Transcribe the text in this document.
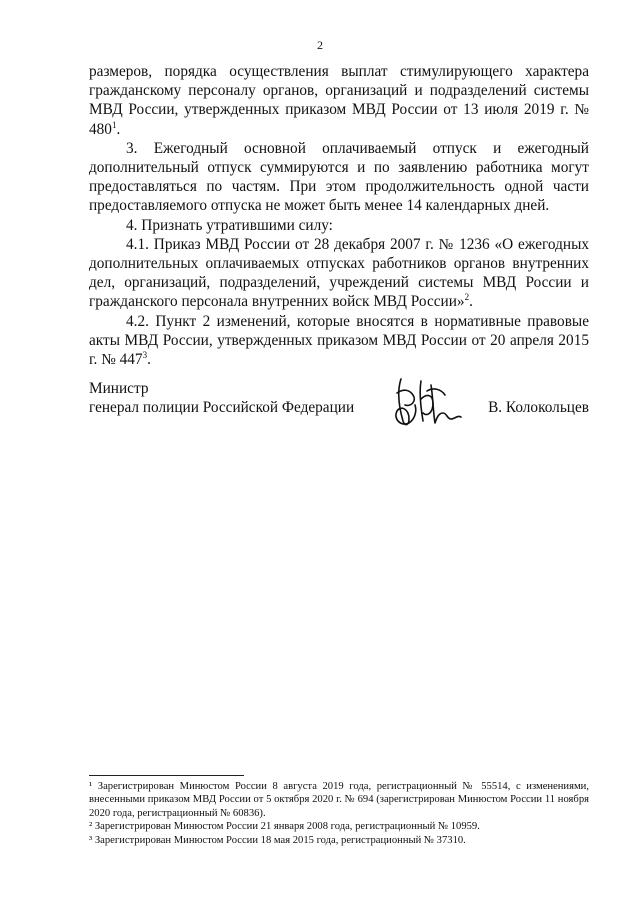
2

размеров, порядка осуществления выплат стимулирующего характера гражданскому персоналу органов, организаций и подразделений системы МВД России, утвержденных приказом МВД России от 13 июля 2019 г. № $480^1$.

3. Ежегодный основной оплачиваемый отпуск и ежегодный дополнительный отпуск суммируются и по заявлению работника могут предоставляться по частям. При этом продолжительность одной части предоставляемого отпуска не может быть менее 14 календарных дней.

4. Признать утратившими силу:

4.1. Приказ МВД России от 28 декабря 2007 г. № 1236 «О ежегодных дополнительных оплачиваемых отпусках работников органов внутренних дел, организаций, подразделений, учреждений системы МВД России и гражданского персонала внутренних войск МВД России»$^2$.

4.2. Пункт 2 изменений, которые вносятся в нормативные правовые акты МВД России, утвержденных приказом МВД России от 20 апреля 2015 г. № $447^3$.

Министр
генерал полиции Российской Федерации	В. Колокольцев

¹ Зарегистрирован Минюстом России 8 августа 2019 года, регистрационный № 55514, с изменениями, внесенными приказом МВД России от 5 октября 2020 г. № 694 (зарегистрирован Минюстом России 11 ноября 2020 года, регистрационный № 60836).

² Зарегистрирован Минюстом России 21 января 2008 года, регистрационный № 10959.

³ Зарегистрирован Минюстом России 18 мая 2015 года, регистрационный № 37310.
